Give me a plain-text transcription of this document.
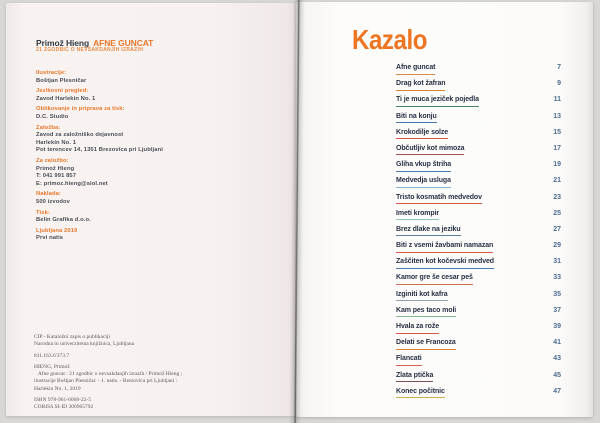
Primož Hieng AFNE GUNCAT
21 ZGODBIC O NEVSAKDANJIH IZRAZIH
Ilustracije:
Boštjan Plesničar
Jezikovni pregled:
Zavod Harlekin No. 1
Oblikovanje in priprava za tisk:
D.C. Studio
Založba:
Zavod za založniško dejavnost
Harlekin No. 1
Pot terencev 14, 1351 Brezovica pri Ljubljani
Za založbo:
Primož Hieng
T: 041 991 857
E: primoz.hieng@siol.net
Naklada:
500 izvodov
Tisk:
Belin Grafika d.o.o.
Ljubljana 2019
Prvi natis
CIP - Kataložni zapis o publikaciji
Narodna in univerzitetna knjižnica, Ljubljana
811.163.6'373.7
HIENG, Primož
Afne guncat : 21 zgodbic o nevsakdanjih izrazih / Primož Hieng ;
ilustracije Boštjan Plesničar. - 1. natis. - Brezovica pri Ljubljani :
Harlekin No. 1, 2019
ISBN 978-961-6008-22-5
COBISS.SI-ID 300965792
Kazalo
Afne guncat	7
Drag kot žafran	9
Ti je muca jeziček pojedla	11
Biti na konju	13
Krokodilje solze	15
Občutljiv kot mimoza	17
Gliha vkup štriha	19
Medvedja usluga	21
Tristo kosmatih medvedov	23
Imeti krompir	25
Brez dlake na jeziku	27
Biti z vsemi žavbami namazan	29
Zaščiten kot kočevski medved	31
Kamor gre še cesar peš	33
Izginiti kot kafra	35
Kam pes taco moli	37
Hvala za rože	39
Delati se Francoza	41
Flancati	43
Zlata ptička	45
Konec počitnic	47
